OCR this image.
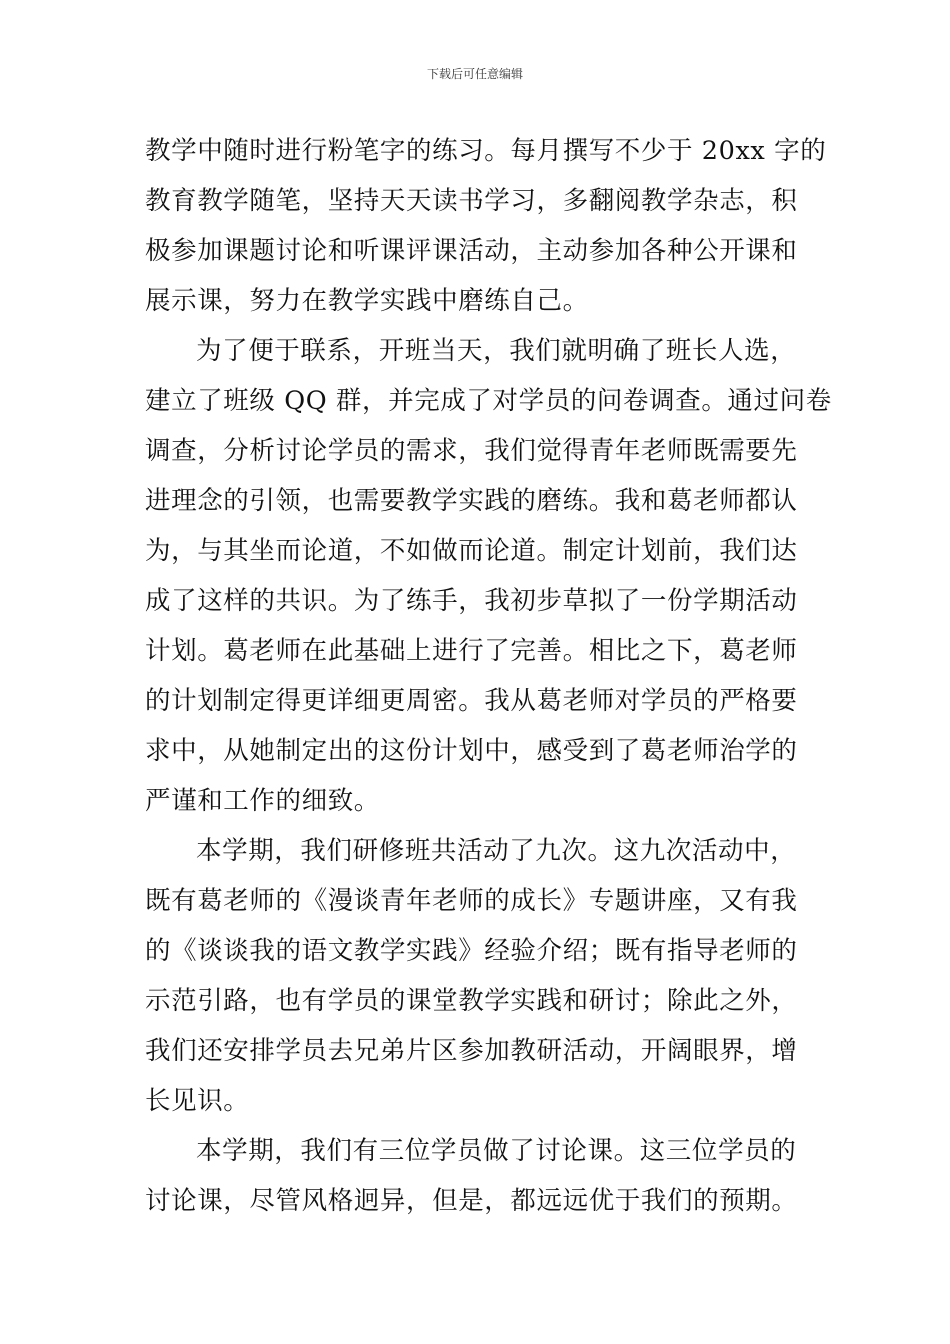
下载后可任意编辑
教学中随时进行粉笔字的练习。每月撰写不少于 20xx 字的
教育教学随笔，坚持天天读书学习，多翻阅教学杂志，积
极参加课题讨论和听课评课活动，主动参加各种公开课和
展示课，努力在教学实践中磨练自己。
为了便于联系，开班当天，我们就明确了班长人选，
建立了班级 QQ 群，并完成了对学员的问卷调查。通过问卷
调查，分析讨论学员的需求，我们觉得青年老师既需要先
进理念的引领，也需要教学实践的磨练。我和葛老师都认
为，与其坐而论道，不如做而论道。制定计划前，我们达
成了这样的共识。为了练手，我初步草拟了一份学期活动
计划。葛老师在此基础上进行了完善。相比之下，葛老师
的计划制定得更详细更周密。我从葛老师对学员的严格要
求中，从她制定出的这份计划中，感受到了葛老师治学的
严谨和工作的细致。
本学期，我们研修班共活动了九次。这九次活动中，
既有葛老师的《漫谈青年老师的成长》专题讲座，又有我
的《谈谈我的语文教学实践》经验介绍；既有指导老师的
示范引路，也有学员的课堂教学实践和研讨；除此之外，
我们还安排学员去兄弟片区参加教研活动，开阔眼界，增
长见识。
本学期，我们有三位学员做了讨论课。这三位学员的
讨论课，尽管风格迥异，但是，都远远优于我们的预期。
